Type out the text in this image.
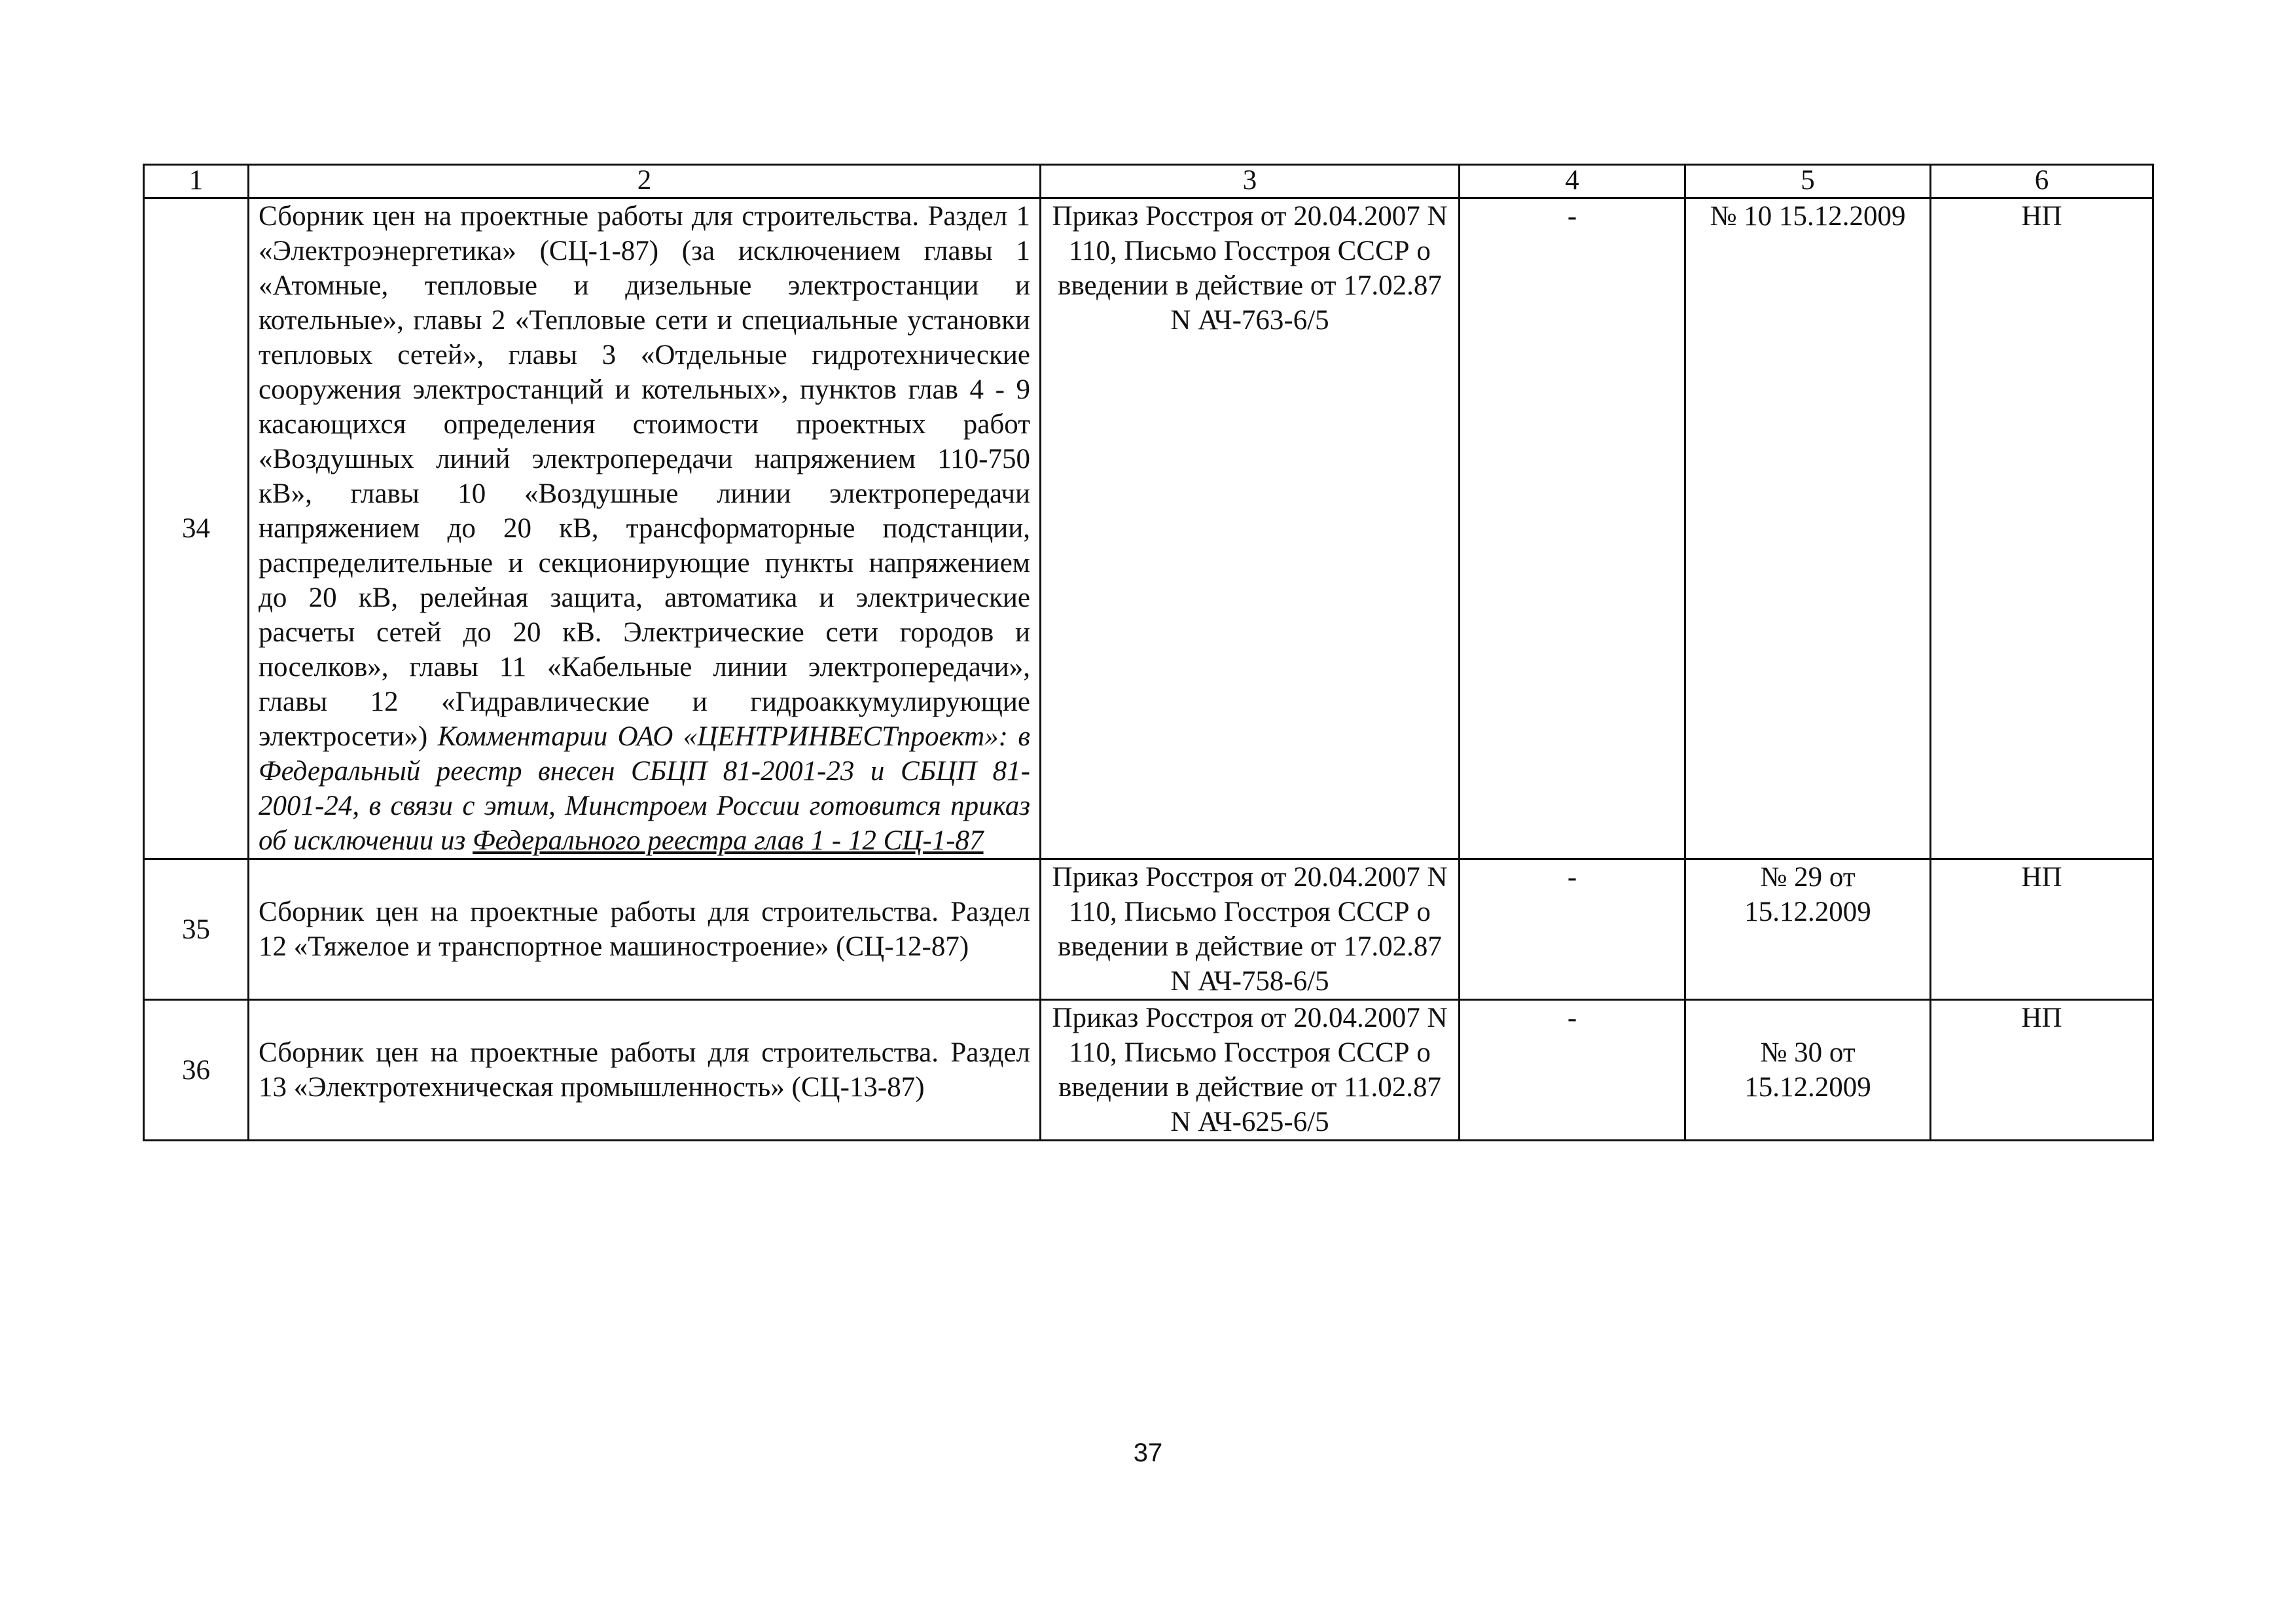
1	2	3	4	5	6
34	Сборник цен на проектные работы для строительства. Раздел 1 «Электроэнергетика» (СЦ-1-87) (за исключением главы 1 «Атомные, тепловые и дизельные электростанции и котельные», главы 2 «Тепловые сети и специальные установки тепловых сетей», главы 3 «Отдельные гидротехнические сооружения электростанций и котельных», пунктов глав 4 - 9 касающихся определения стоимости проектных работ «Воздушных линий электропередачи напряжением 110-750 кВ», главы 10 «Воздушные линии электропередачи напряжением до 20 кВ, трансформаторные подстанции, распределительные и секционирующие пункты напряжением до 20 кВ, релейная защита, автоматика и электрические расчеты сетей до 20 кВ. Электрические сети городов и поселков», главы 11 «Кабельные линии электропередачи», главы 12 «Гидравлические и гидроаккумулирующие электросети») Комментарии ОАО «ЦЕНТРИНВЕСТпроект»: в Федеральный реестр внесен СБЦП 81-2001-23 и СБЦП 81-2001-24, в связи с этим, Минстроем России готовится приказ об исключении из Федерального реестра глав 1 - 12 СЦ-1-87	Приказ Росстроя от 20.04.2007 N 110, Письмо Госстроя СССР о введении в действие от 17.02.87 N АЧ-763-6/5	-	№ 10 15.12.2009	НП
35	Сборник цен на проектные работы для строительства. Раздел 12 «Тяжелое и транспортное машиностроение» (СЦ-12-87)	Приказ Росстроя от 20.04.2007 N 110, Письмо Госстроя СССР о введении в действие от 17.02.87 N АЧ-758-6/5	-	№ 29 от 15.12.2009	НП
36	Сборник цен на проектные работы для строительства. Раздел 13 «Электротехническая промышленность» (СЦ-13-87)	Приказ Росстроя от 20.04.2007 N 110, Письмо Госстроя СССР о введении в действие от 11.02.87 N АЧ-625-6/5	-	№ 30 от 15.12.2009	НП
37
